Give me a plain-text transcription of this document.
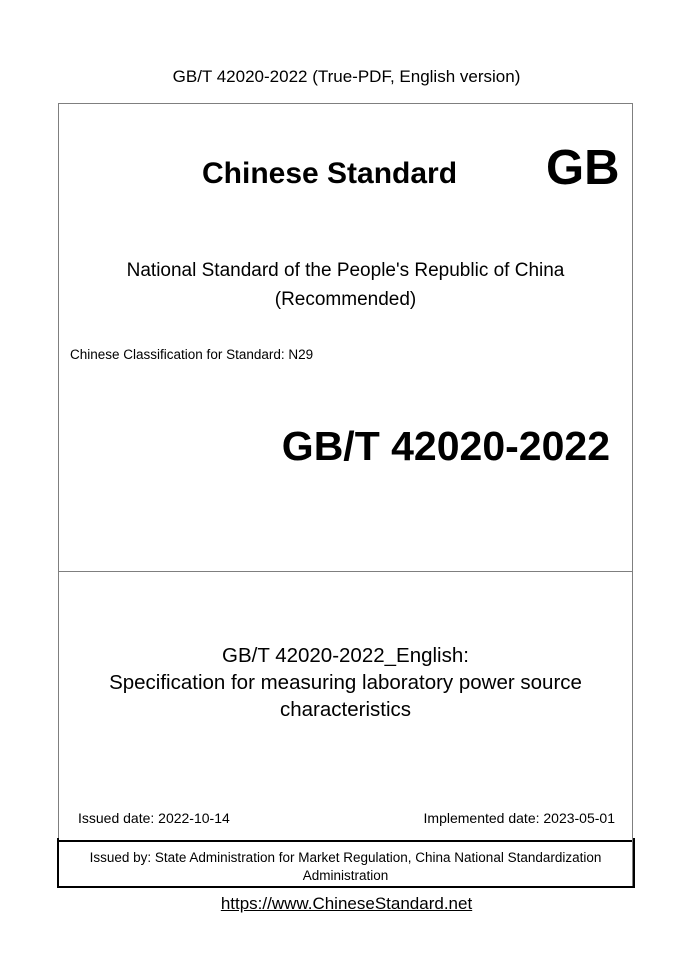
GB/T 42020-2022 (True-PDF, English version)
Chinese Standard GB
National Standard of the People's Republic of China
(Recommended)
Chinese Classification for Standard: N29
GB/T 42020-2022
GB/T 42020-2022_English:
Specification for measuring laboratory power source
characteristics
Issued date: 2022-10-14	Implemented date: 2023-05-01
Issued by: State Administration for Market Regulation, China National Standardization
Administration
https://www.ChineseStandard.net
